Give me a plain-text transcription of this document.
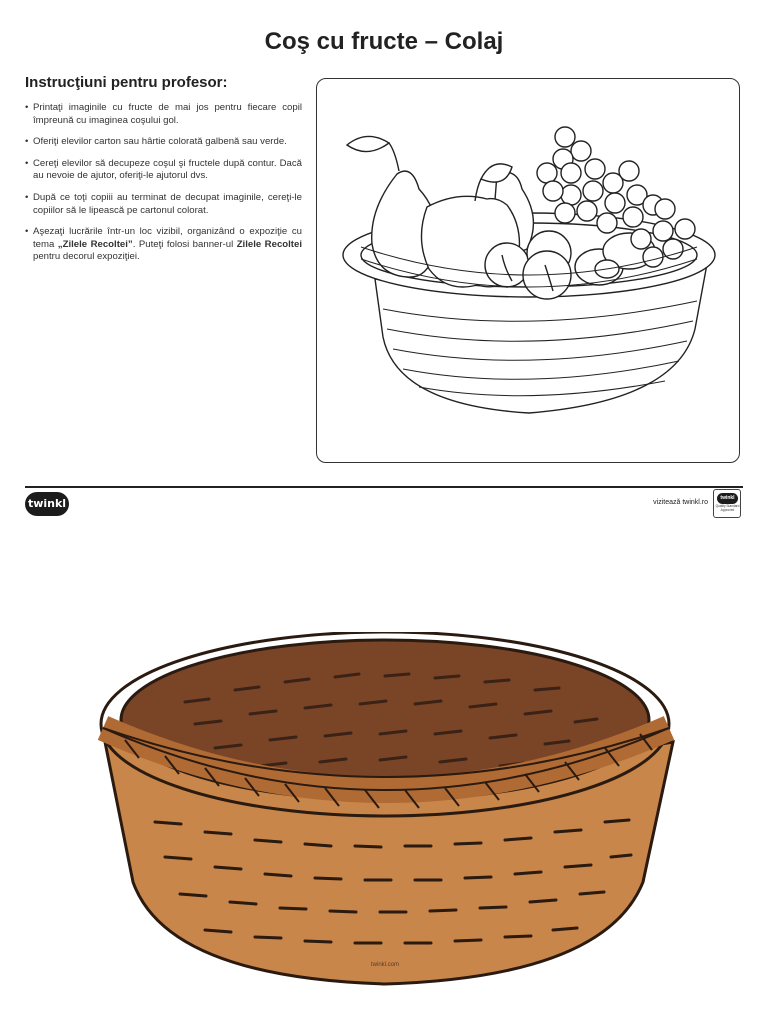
Coş cu fructe – Colaj
Instrucţiuni pentru profesor:
• Printaţi imaginile cu fructe de mai jos pentru fiecare copil împreună cu imaginea coşului gol.
• Oferiţi elevilor carton sau hârtie colorată galbenă sau verde.
• Cereţi elevilor să decupeze coşul şi fructele după contur. Dacă au nevoie de ajutor, oferiţi-le ajutorul dvs.
• După ce toţi copiii au terminat de decupat imaginile, cereţi-le copiilor să le lipească pe cartonul colorat.
• Aşezaţi lucrările într-un loc vizibil, organizând o expoziţie cu tema „Zilele Recoltei”. Puteţi folosi banner-ul Zilele Recoltei pentru decorul expoziţiei.
twinkl	vizitează twinkl.ro
twinkl
Quality Standard Approved
twinkl.com
